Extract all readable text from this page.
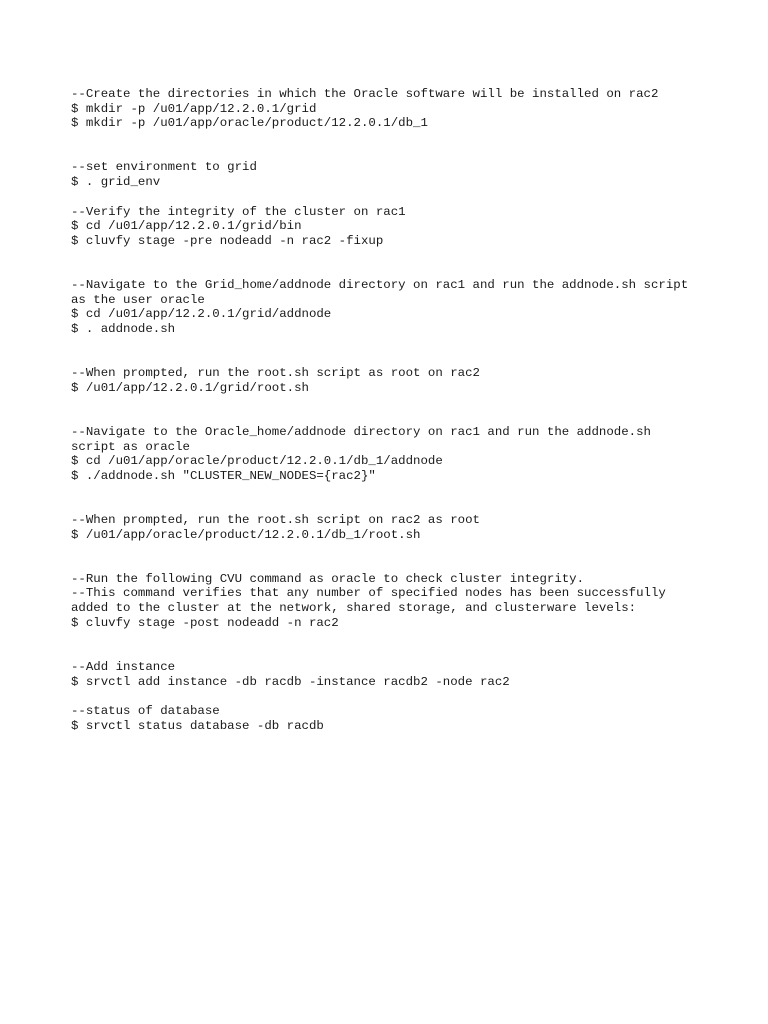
--Create the directories in which the Oracle software will be installed on rac2
$ mkdir -p /u01/app/12.2.0.1/grid
$ mkdir -p /u01/app/oracle/product/12.2.0.1/db_1
--set environment to grid
$ . grid_env
--Verify the integrity of the cluster on rac1
$ cd /u01/app/12.2.0.1/grid/bin
$ cluvfy stage -pre nodeadd -n rac2 -fixup
--Navigate to the Grid_home/addnode directory on rac1 and run the addnode.sh script
as the user oracle
$ cd /u01/app/12.2.0.1/grid/addnode
$ . addnode.sh
--When prompted, run the root.sh script as root on rac2
$ /u01/app/12.2.0.1/grid/root.sh
--Navigate to the Oracle_home/addnode directory on rac1 and run the addnode.sh
script as oracle
$ cd /u01/app/oracle/product/12.2.0.1/db_1/addnode
$ ./addnode.sh "CLUSTER_NEW_NODES={rac2}"
--When prompted, run the root.sh script on rac2 as root
$ /u01/app/oracle/product/12.2.0.1/db_1/root.sh
--Run the following CVU command as oracle to check cluster integrity.
--This command verifies that any number of specified nodes has been successfully
added to the cluster at the network, shared storage, and clusterware levels:
$ cluvfy stage -post nodeadd -n rac2
--Add instance
$ srvctl add instance -db racdb -instance racdb2 -node rac2
--status of database
$ srvctl status database -db racdb
